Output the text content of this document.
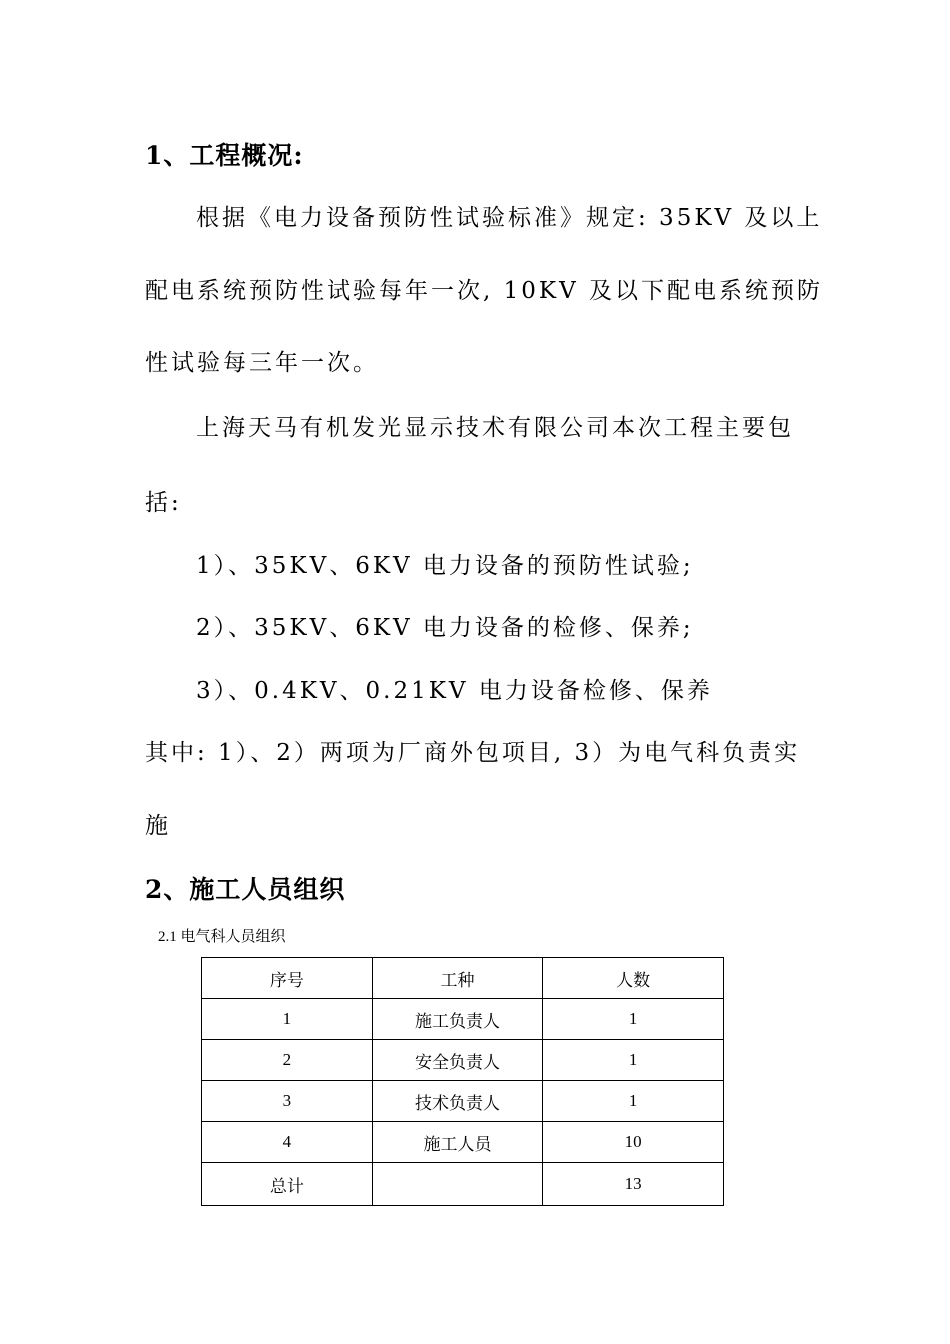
1、工程概况:
根据《电力设备预防性试验标准》规定: 35KV 及以上
配电系统预防性试验每年一次, 10KV 及以下配电系统预防
性试验每三年一次。
上海天马有机发光显示技术有限公司本次工程主要包
括:
1）、35KV、6KV 电力设备的预防性试验;
2）、35KV、6KV 电力设备的检修、保养;
3）、0.4KV、0.21KV 电力设备检修、保养
其中: 1）、2）两项为厂商外包项目, 3）为电气科负责实
施
2、施工人员组织
2.1 电气科人员组织
序号	工种	人数
1	施工负责人	1
2	安全负责人	1
3	技术负责人	1
4	施工人员	10
总计		13
